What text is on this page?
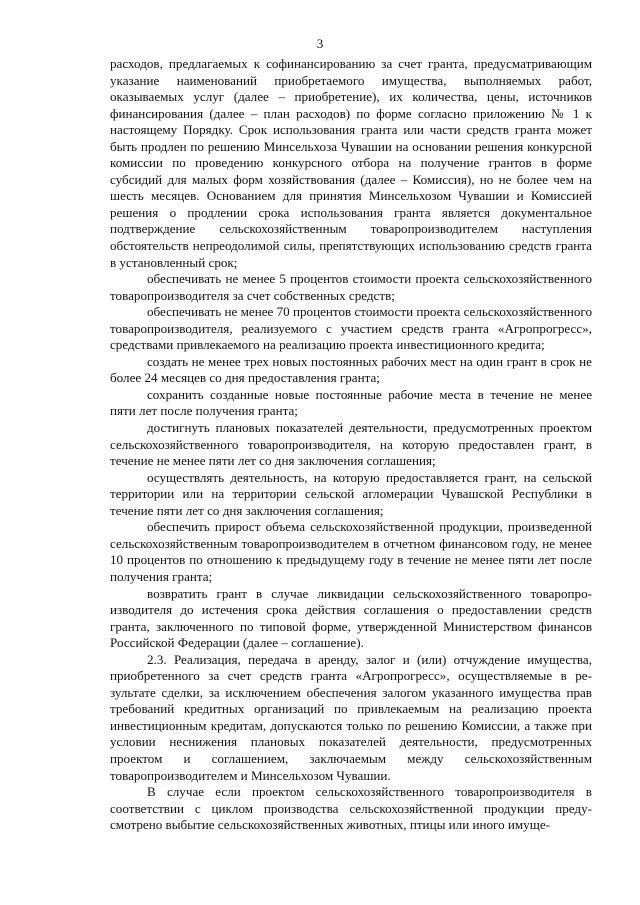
3

расходов, предлагаемых к софинансированию за счет гранта, предусматривающим указание наименований приобретаемого имущества, выполняемых работ, оказываемых услуг (далее – приобретение), их количества, цены, источников финансирования (далее – план расходов) по форме согласно приложению № 1 к настоящему Порядку. Срок использования гранта или части средств гранта может быть продлен по решению Минсельхоза Чувашии на основании решения конкурсной комиссии по проведению конкурсного отбора на получение грантов в форме субсидий для малых форм хозяйствования (далее – Комиссия), но не более чем на шесть месяцев. Основанием для принятия Минсельхозом Чувашии и Комиссией решения о продлении срока использования гранта является документальное подтверждение сельскохозяйственным товаропроизводителем наступления обстоятельств непреодолимой силы, препятствующих использованию средств гранта в установленный срок;

обеспечивать не менее 5 процентов стоимости проекта сельскохозяйственного товаропроизводителя за счет собственных средств;

обеспечивать не менее 70 процентов стоимости проекта сельскохозяйственного товаропроизводителя, реализуемого с участием средств гранта «Агропрогресс», средствами привлекаемого на реализацию проекта инвестиционного кредита;

создать не менее трех новых постоянных рабочих мест на один грант в срок не более 24 месяцев со дня предоставления гранта;

сохранить созданные новые постоянные рабочие места в течение не менее пяти лет после получения гранта;

достигнуть плановых показателей деятельности, предусмотренных проектом сельскохозяйственного товаропроизводителя, на которую предоставлен грант, в течение не менее пяти лет со дня заключения соглашения;

осуществлять деятельность, на которую предоставляется грант, на сельской территории или на территории сельской агломерации Чувашской Республики в течение пяти лет со дня заключения соглашения;

обеспечить прирост объема сельскохозяйственной продукции, произведенной сельскохозяйственным товаропроизводителем в отчетном финансовом году, не менее 10 процентов по отношению к предыдущему году в течение не менее пяти лет после получения гранта;

возвратить грант в случае ликвидации сельскохозяйственного товаропроизводителя до истечения срока действия соглашения о предоставлении средств гранта, заключенного по типовой форме, утвержденной Министерством финансов Российской Федерации (далее – соглашение).

2.3. Реализация, передача в аренду, залог и (или) отчуждение имущества, приобретенного за счет средств гранта «Агропрогресс», осуществляемые в результате сделки, за исключением обеспечения залогом указанного имущества прав требований кредитных организаций по привлекаемым на реализацию проекта инвестиционным кредитам, допускаются только по решению Комиссии, а также при условии неснижения плановых показателей деятельности, предусмотренных проектом и соглашением, заключаемым между сельскохозяйственным товаропроизводителем и Минсельхозом Чувашии.

В случае если проектом сельскохозяйственного товаропроизводителя в соответствии с циклом производства сельскохозяйственной продукции предусмотрено выбытие сельскохозяйственных животных, птицы или иного имуще-
